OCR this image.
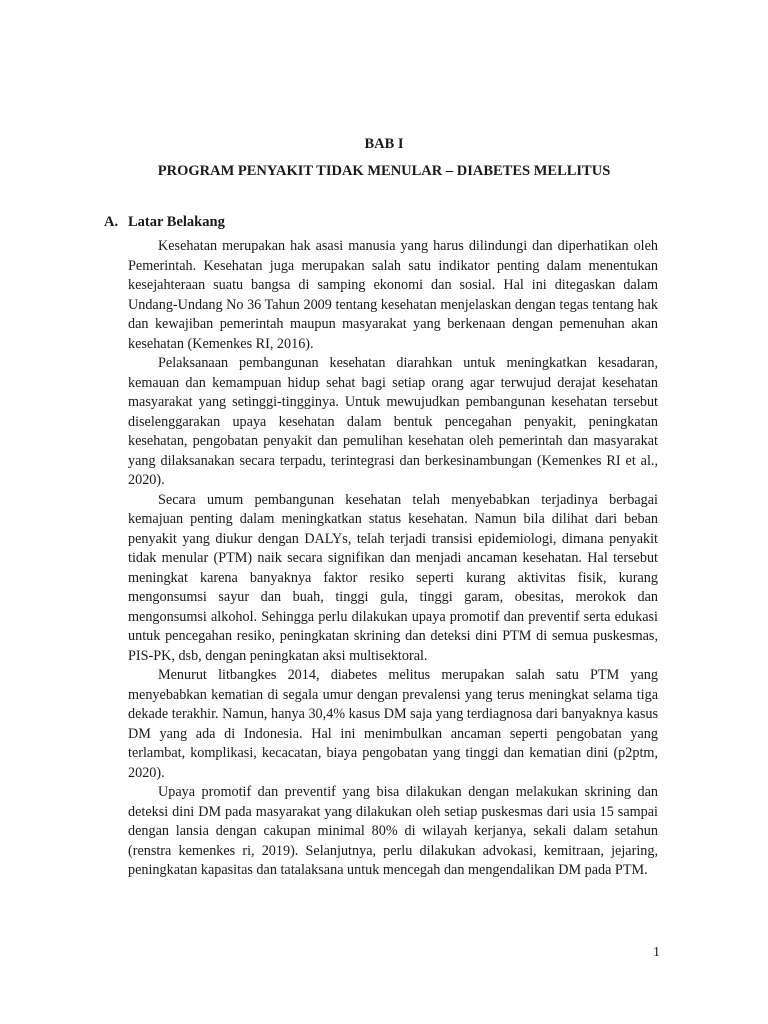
BAB I
PROGRAM PENYAKIT TIDAK MENULAR – DIABETES MELLITUS
A. Latar Belakang

Kesehatan merupakan hak asasi manusia yang harus dilindungi dan diperhatikan oleh Pemerintah. Kesehatan juga merupakan salah satu indikator penting dalam menentukan kesejahteraan suatu bangsa di samping ekonomi dan sosial. Hal ini ditegaskan dalam Undang-Undang No 36 Tahun 2009 tentang kesehatan menjelaskan dengan tegas tentang hak dan kewajiban pemerintah maupun masyarakat yang berkenaan dengan pemenuhan akan kesehatan (Kemenkes RI, 2016).

Pelaksanaan pembangunan kesehatan diarahkan untuk meningkatkan kesadaran, kemauan dan kemampuan hidup sehat bagi setiap orang agar terwujud derajat kesehatan masyarakat yang setinggi-tingginya. Untuk mewujudkan pembangunan kesehatan tersebut diselenggarakan upaya kesehatan dalam bentuk pencegahan penyakit, peningkatan kesehatan, pengobatan penyakit dan pemulihan kesehatan oleh pemerintah dan masyarakat yang dilaksanakan secara terpadu, terintegrasi dan berkesinambungan (Kemenkes RI et al., 2020).

Secara umum pembangunan kesehatan telah menyebabkan terjadinya berbagai kemajuan penting dalam meningkatkan status kesehatan. Namun bila dilihat dari beban penyakit yang diukur dengan DALYs, telah terjadi transisi epidemiologi, dimana penyakit tidak menular (PTM) naik secara signifikan dan menjadi ancaman kesehatan. Hal tersebut meningkat karena banyaknya faktor resiko seperti kurang aktivitas fisik, kurang mengonsumsi sayur dan buah, tinggi gula, tinggi garam, obesitas, merokok dan mengonsumsi alkohol. Sehingga perlu dilakukan upaya promotif dan preventif serta edukasi untuk pencegahan resiko, peningkatan skrining dan deteksi dini PTM di semua puskesmas, PIS-PK, dsb, dengan peningkatan aksi multisektoral.

Menurut litbangkes 2014, diabetes melitus merupakan salah satu PTM yang menyebabkan kematian di segala umur dengan prevalensi yang terus meningkat selama tiga dekade terakhir. Namun, hanya 30,4% kasus DM saja yang terdiagnosa dari banyaknya kasus DM yang ada di Indonesia. Hal ini menimbulkan ancaman seperti pengobatan yang terlambat, komplikasi, kecacatan, biaya pengobatan yang tinggi dan kematian dini (p2ptm, 2020).

Upaya promotif dan preventif yang bisa dilakukan dengan melakukan skrining dan deteksi dini DM pada masyarakat yang dilakukan oleh setiap puskesmas dari usia 15 sampai dengan lansia dengan cakupan minimal 80% di wilayah kerjanya, sekali dalam setahun (renstra kemenkes ri, 2019). Selanjutnya, perlu dilakukan advokasi, kemitraan, jejaring, peningkatan kapasitas dan tatalaksana untuk mencegah dan mengendalikan DM pada PTM.

1
